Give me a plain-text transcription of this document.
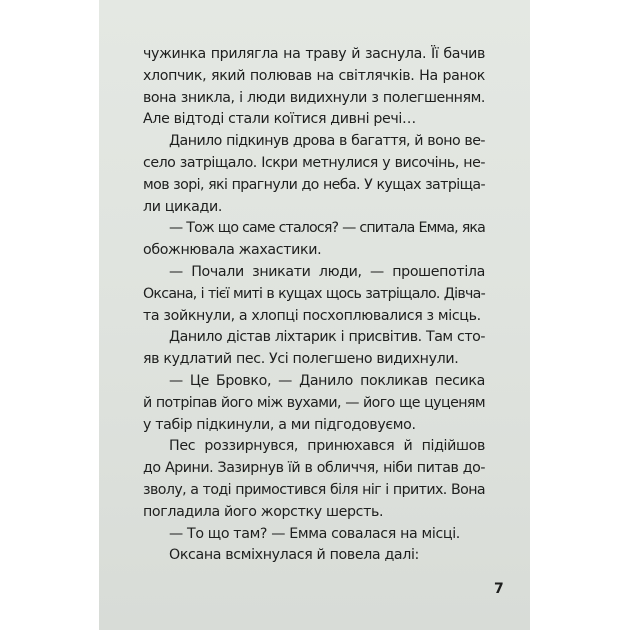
чужинка прилягла на траву й заснула. Її бачив
хлопчик, який полював на світлячків. На ранок
вона зникла, і люди видихнули з полегшенням.
Але відтоді стали коїтися дивні речі…
Данило підкинув дрова в багаття, й воно ве-
село затріщало. Іскри метнулися у височінь, не-
мов зорі, які прагнули до неба. У кущах затріща-
ли цикади.
— Тож що саме сталося? — спитала Емма, яка
обожнювала жахастики.
— Почали зникати люди, — прошепотіла
Оксана, і тієї миті в кущах щось затріщало. Дівча-
та зойкнули, а хлопці посхоплювалися з місць.
Данило дістав ліхтарик і присвітив. Там сто-
яв кудлатий пес. Усі полегшено видихнули.
— Це Бровко, — Данило покликав песика
й потріпав його між вухами, — його ще цуценям
у табір підкинули, а ми підгодовуємо.
Пес роззирнувся, принюхався й підійшов
до Арини. Зазирнув їй в обличчя, ніби питав до-
зволу, а тоді примостився біля ніг і притих. Вона
погладила його жорстку шерсть.
— То що там? — Емма совалася на місці.
Оксана всміхнулася й повела далі:
7
